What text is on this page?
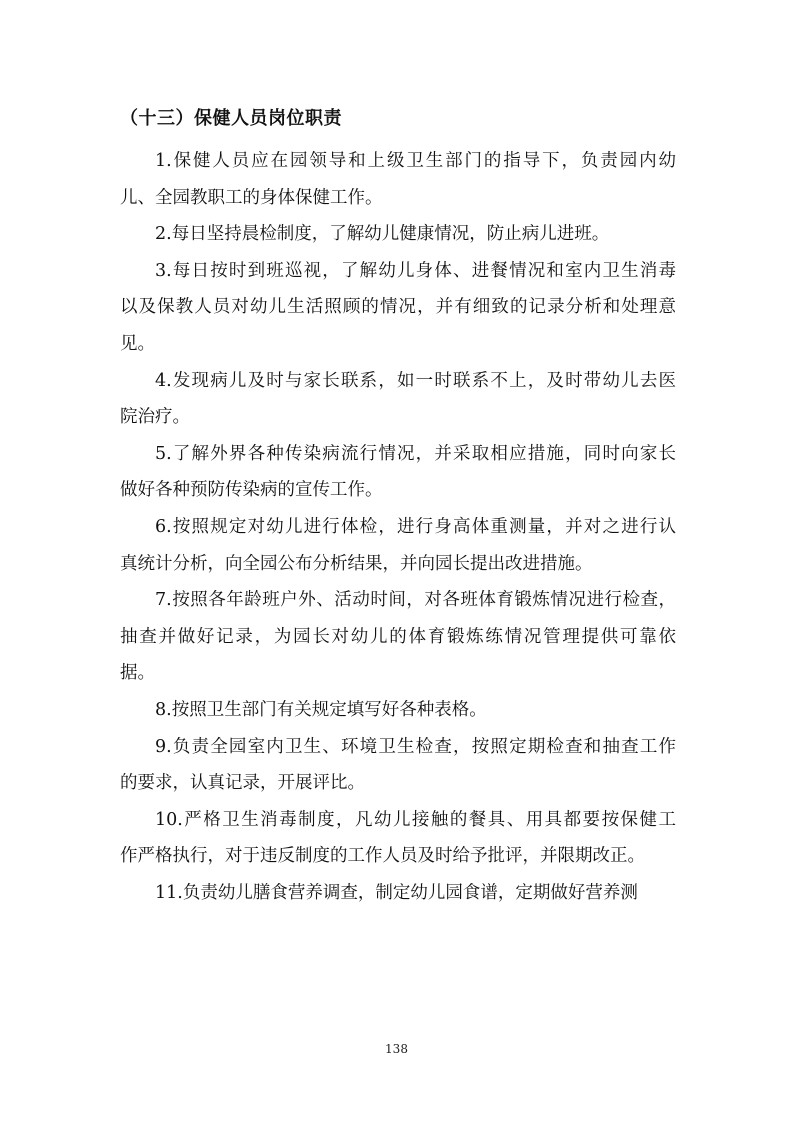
（十三）保健人员岗位职责
1.保健人员应在园领导和上级卫生部门的指导下，负责园内幼
儿、全园教职工的身体保健工作。
2.每日坚持晨检制度，了解幼儿健康情况，防止病儿进班。
3.每日按时到班巡视，了解幼儿身体、进餐情况和室内卫生消毒
以及保教人员对幼儿生活照顾的情况，并有细致的记录分析和处理意
见。
4.发现病儿及时与家长联系，如一时联系不上，及时带幼儿去医
院治疗。
5.了解外界各种传染病流行情况，并采取相应措施，同时向家长
做好各种预防传染病的宣传工作。
6.按照规定对幼儿进行体检，进行身高体重测量，并对之进行认
真统计分析，向全园公布分析结果，并向园长提出改进措施。
7.按照各年龄班户外、活动时间，对各班体育锻炼情况进行检查，
抽查并做好记录，为园长对幼儿的体育锻炼练情况管理提供可靠依
据。
8.按照卫生部门有关规定填写好各种表格。
9.负责全园室内卫生、环境卫生检查，按照定期检查和抽查工作
的要求，认真记录，开展评比。
10.严格卫生消毒制度，凡幼儿接触的餐具、用具都要按保健工
作严格执行，对于违反制度的工作人员及时给予批评，并限期改正。
11.负责幼儿膳食营养调查，制定幼儿园食谱，定期做好营养测
138
